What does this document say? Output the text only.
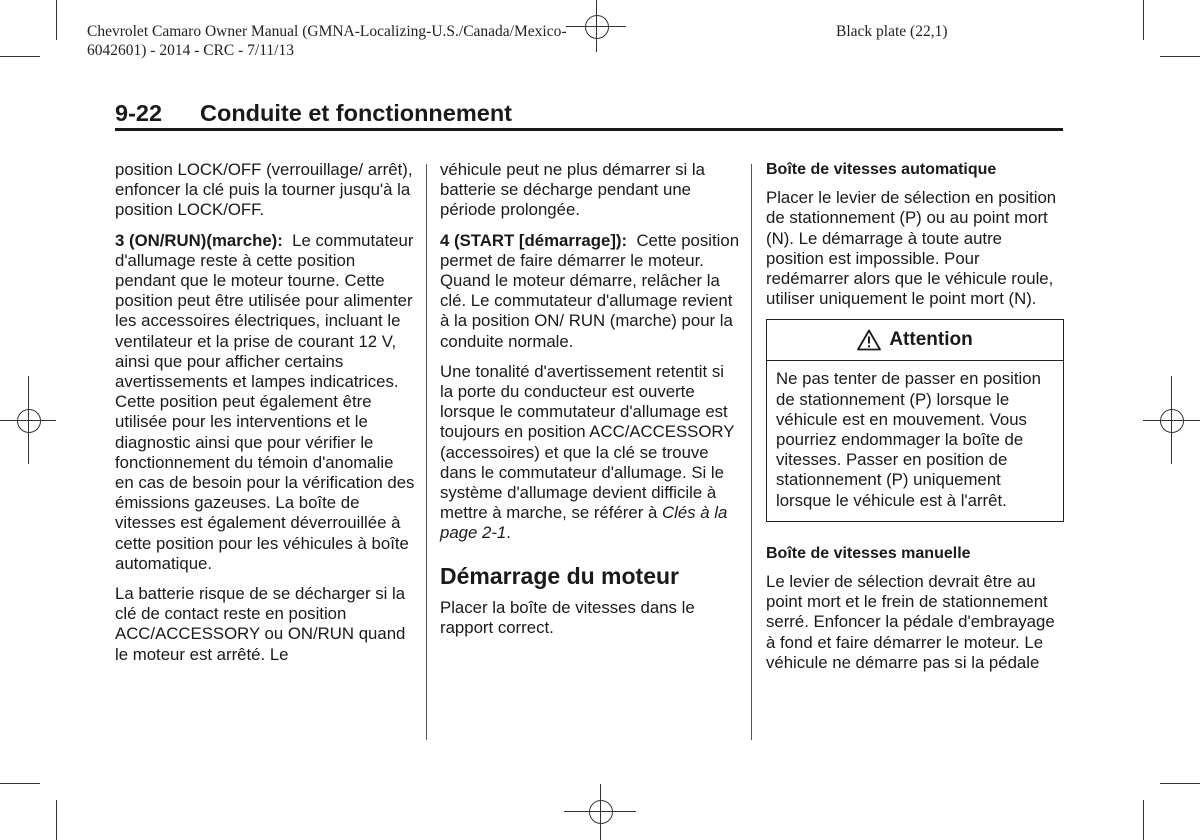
Chevrolet Camaro Owner Manual (GMNA-Localizing-U.S./Canada/Mexico-
6042601) - 2014 - CRC - 7/11/13
Black plate (22,1)
9-22 Conduite et fonctionnement

position LOCK/OFF (verrouillage/ arrêt), enfoncer la clé puis la tourner jusqu'à la position LOCK/OFF.

3 (ON/RUN)(marche): Le commutateur d'allumage reste à cette position pendant que le moteur tourne. Cette position peut être utilisée pour alimenter les accessoires électriques, incluant le ventilateur et la prise de courant 12 V, ainsi que pour afficher certains avertissements et lampes indicatrices. Cette position peut également être utilisée pour les interventions et le diagnostic ainsi que pour vérifier le fonctionnement du témoin d'anomalie en cas de besoin pour la vérification des émissions gazeuses. La boîte de vitesses est également déverrouillée à cette position pour les véhicules à boîte automatique.

La batterie risque de se décharger si la clé de contact reste en position ACC/ACCESSORY ou ON/RUN quand le moteur est arrêté. Le

véhicule peut ne plus démarrer si la batterie se décharge pendant une période prolongée.

4 (START [démarrage]): Cette position permet de faire démarrer le moteur. Quand le moteur démarre, relâcher la clé. Le commutateur d'allumage revient à la position ON/ RUN (marche) pour la conduite normale.

Une tonalité d'avertissement retentit si la porte du conducteur est ouverte lorsque le commutateur d'allumage est toujours en position ACC/ACCESSORY (accessoires) et que la clé se trouve dans le commutateur d'allumage. Si le système d'allumage devient difficile à mettre à marche, se référer à Clés à la page 2-1.

Démarrage du moteur

Placer la boîte de vitesses dans le rapport correct.

Boîte de vitesses automatique

Placer le levier de sélection en position de stationnement (P) ou au point mort (N). Le démarrage à toute autre position est impossible. Pour redémarrer alors que le véhicule roule, utiliser uniquement le point mort (N).

Attention
Ne pas tenter de passer en position de stationnement (P) lorsque le véhicule est en mouvement. Vous pourriez endommager la boîte de vitesses. Passer en position de stationnement (P) uniquement lorsque le véhicule est à l'arrêt.
Boîte de vitesses manuelle

Le levier de sélection devrait être au point mort et le frein de stationnement serré. Enfoncer la pédale d'embrayage à fond et faire démarrer le moteur. Le véhicule ne démarre pas si la pédale
